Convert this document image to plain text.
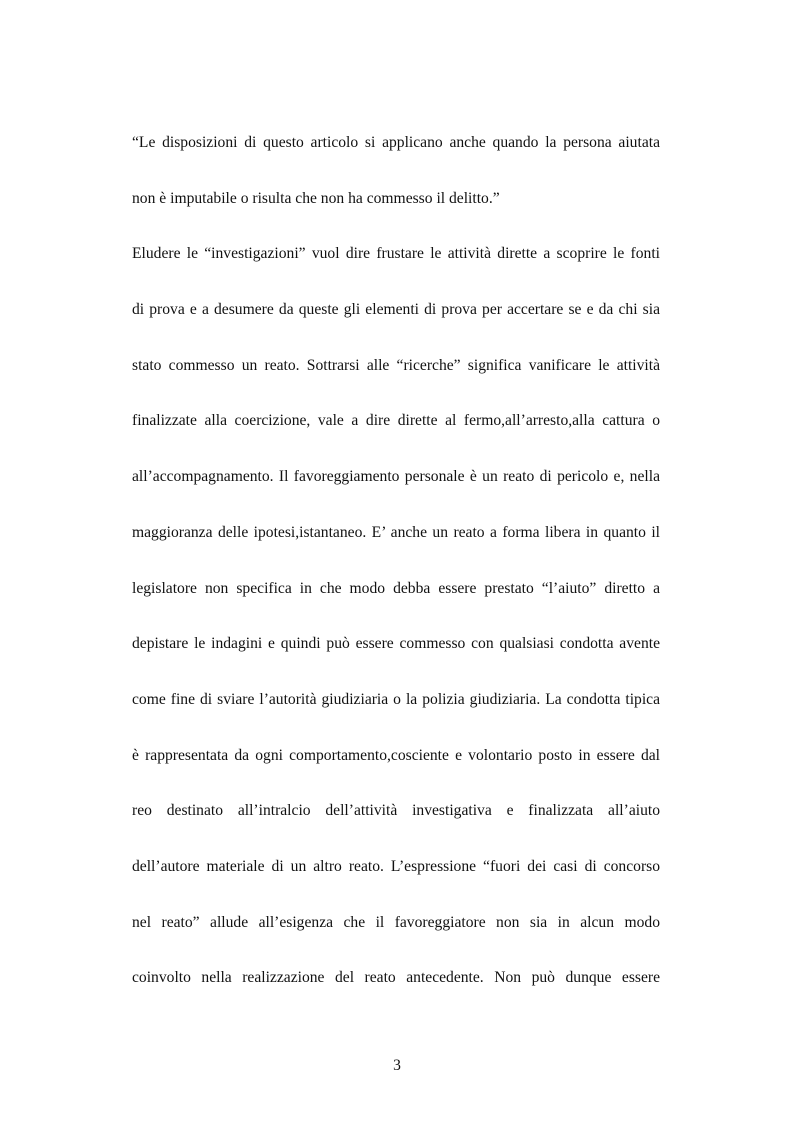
“Le disposizioni di questo articolo si applicano anche quando la persona aiutata
non è imputabile o risulta che non ha commesso il delitto.”
Eludere le “investigazioni” vuol dire frustare le attività dirette a scoprire le fonti
di prova e a desumere da queste gli elementi di prova per accertare se e da chi sia
stato commesso un reato. Sottrarsi alle “ricerche” significa vanificare le attività
finalizzate alla coercizione, vale a dire dirette al fermo,all’arresto,alla cattura o
all’accompagnamento. Il favoreggiamento personale è un reato di pericolo e, nella
maggioranza delle ipotesi,istantaneo. E’ anche un reato a forma libera in quanto il
legislatore non specifica in che modo debba essere prestato “l’aiuto” diretto a
depistare le indagini e quindi può essere commesso con qualsiasi condotta avente
come fine di sviare l’autorità giudiziaria o la polizia giudiziaria. La condotta tipica
è rappresentata da ogni comportamento,cosciente e volontario posto in essere dal
reo destinato all’intralcio dell’attività investigativa e finalizzata all’aiuto
dell’autore materiale di un altro reato. L’espressione “fuori dei casi di concorso
nel reato” allude all’esigenza che il favoreggiatore non sia in alcun modo
coinvolto nella realizzazione del reato antecedente. Non può dunque essere
3
